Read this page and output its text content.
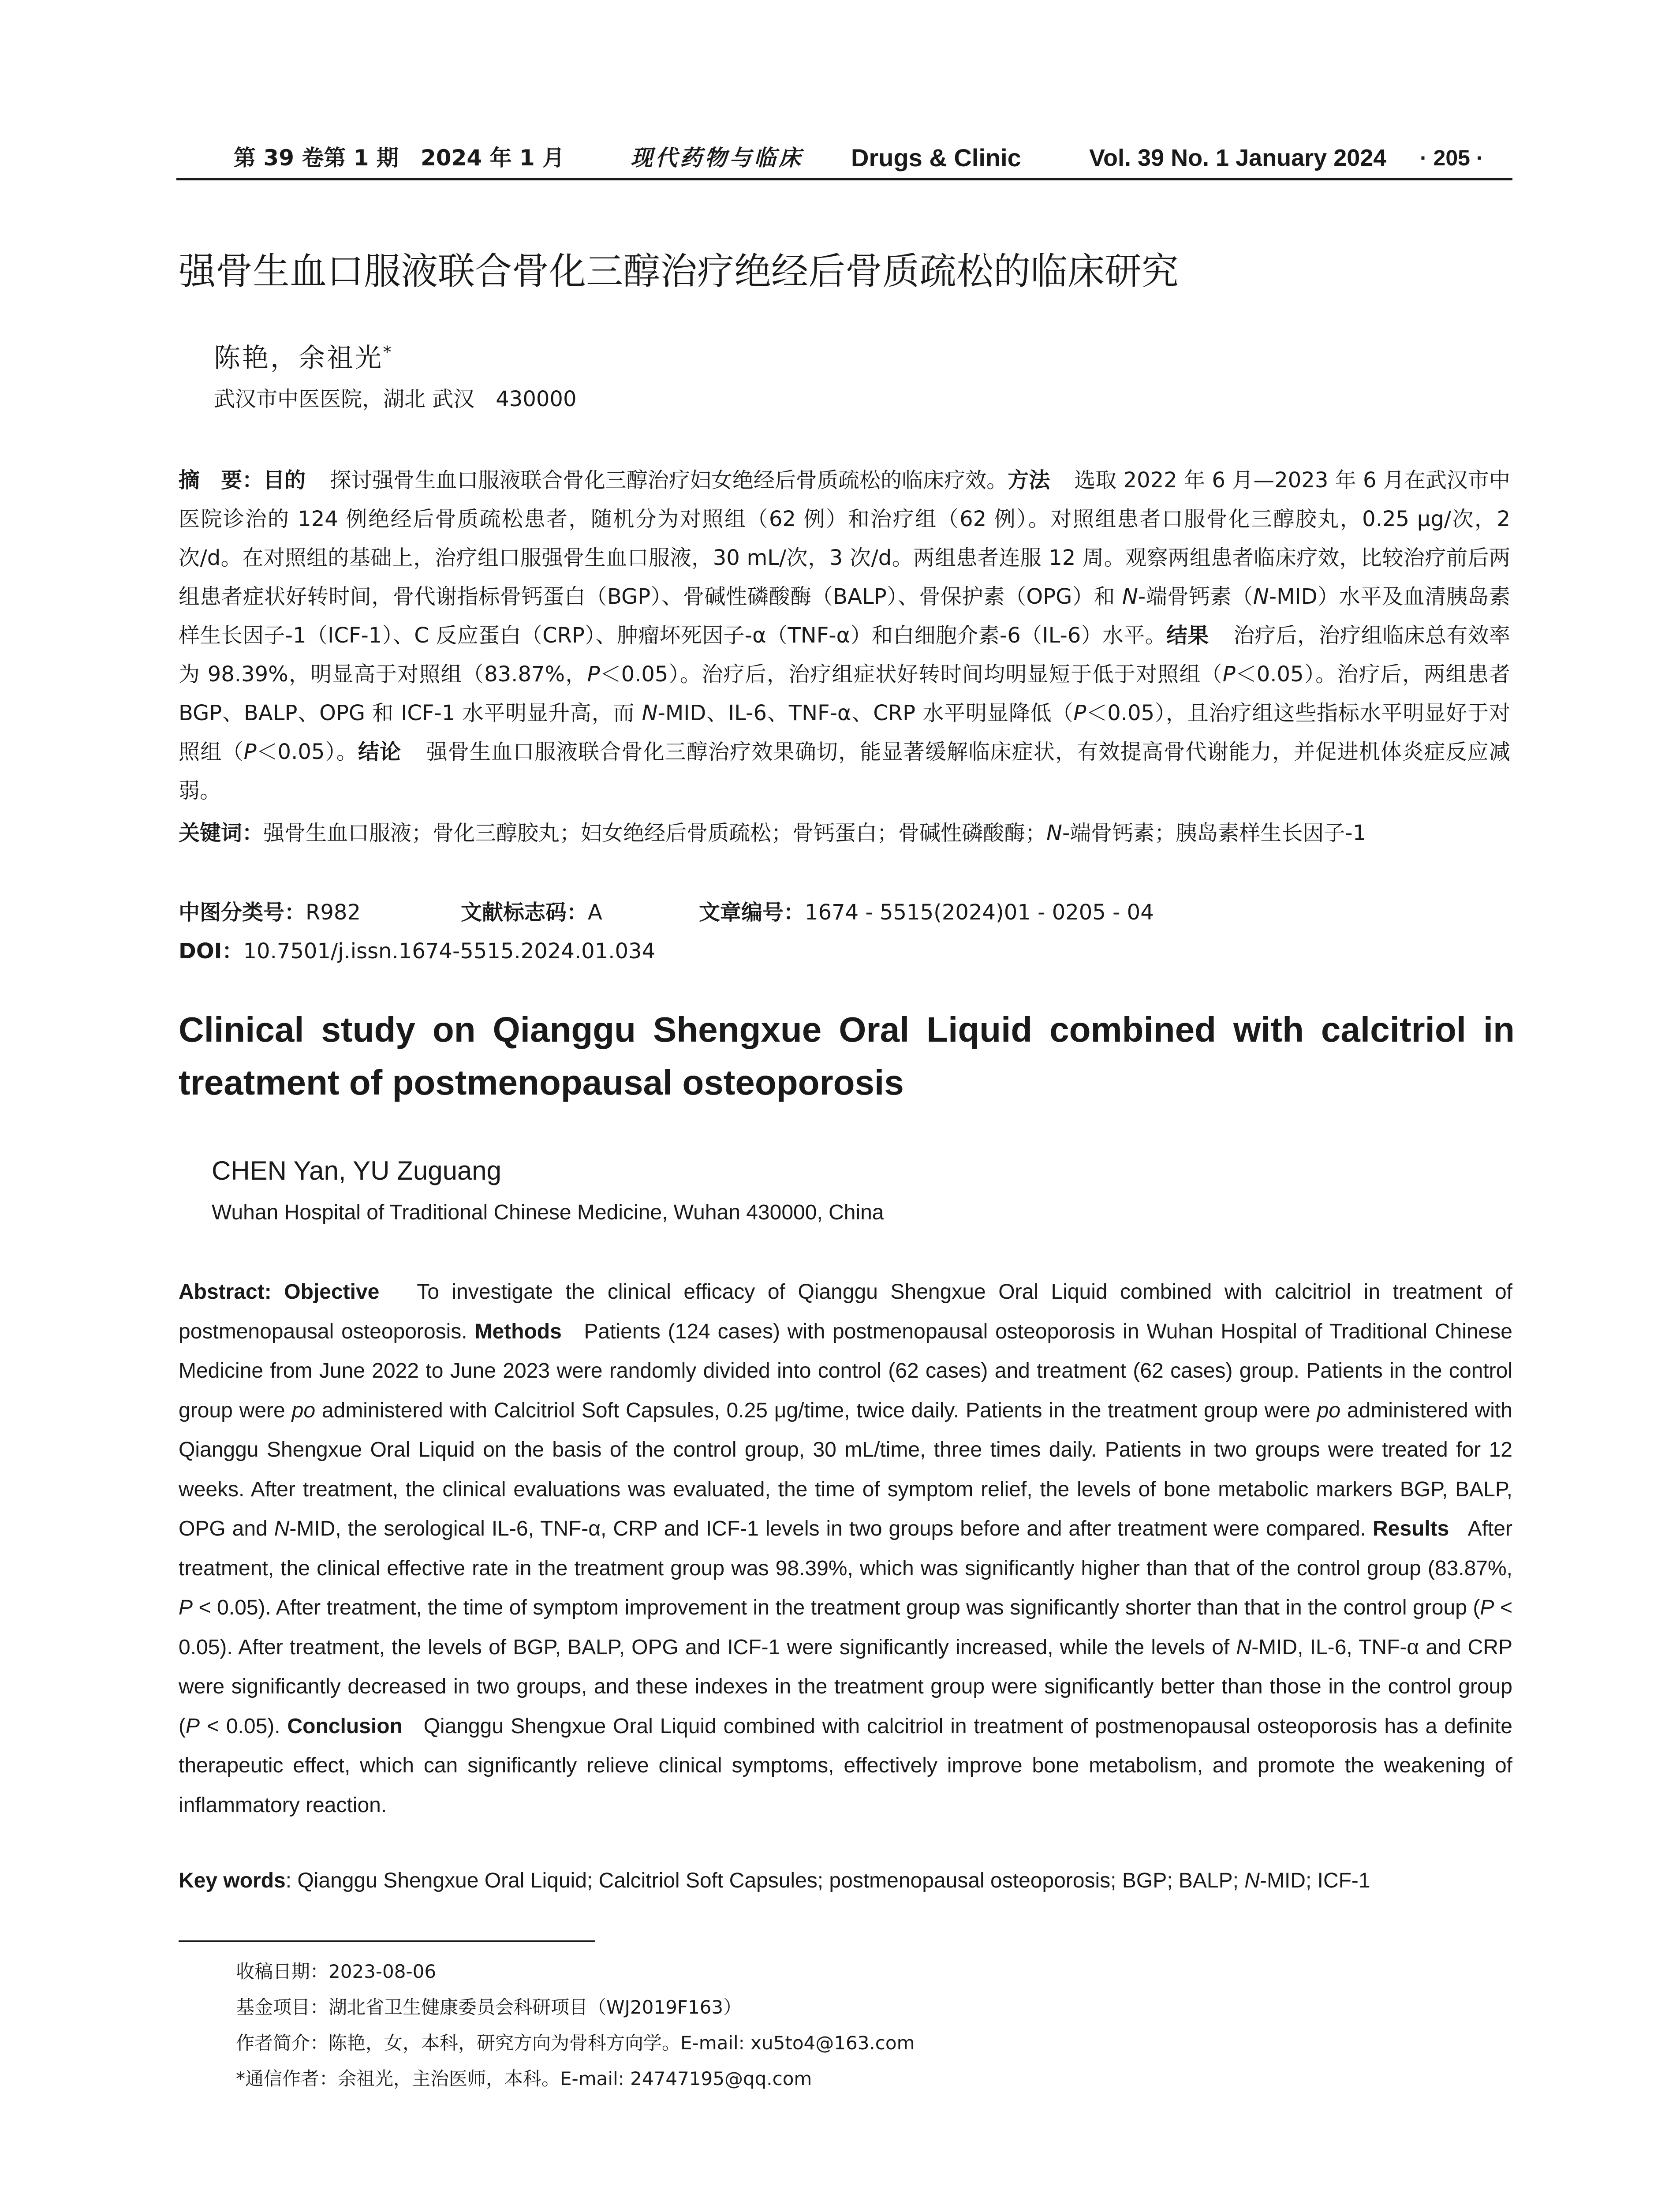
第 39 卷第 1 期　2024 年 1 月	现代药物与临床 Drugs & Clinic	Vol. 39 No. 1 January 2024 · 205 ·
强骨生血口服液联合骨化三醇治疗绝经后骨质疏松的临床研究
陈艳，余祖光*
武汉市中医医院，湖北 武汉　430000
摘　要：目的 探讨强骨生血口服液联合骨化三醇治疗妇女绝经后骨质疏松的临床疗效。方法 选取 2022 年 6 月—2023 年 6 月在武汉市中医院诊治的 124 例绝经后骨质疏松患者，随机分为对照组（62 例）和治疗组（62 例）。对照组患者口服骨化三醇胶丸，0.25 μg/次，2 次/d。在对照组的基础上，治疗组口服强骨生血口服液，30 mL/次，3 次/d。两组患者连服 12 周。观察两组患者临床疗效，比较治疗前后两组患者症状好转时间，骨代谢指标骨钙蛋白（BGP）、骨碱性磷酸酶（BALP）、骨保护素（OPG）和 N-端骨钙素（N-MID）水平及血清胰岛素样生长因子-1（ICF-1）、C 反应蛋白（CRP）、肿瘤坏死因子-α（TNF-α）和白细胞介素-6（IL-6）水平。结果 治疗后，治疗组临床总有效率为 98.39%，明显高于对照组（83.87%，P＜0.05）。治疗后，治疗组症状好转时间均明显短于低于对照组（P＜0.05）。治疗后，两组患者 BGP、BALP、OPG 和 ICF-1 水平明显升高，而 N-MID、IL-6、TNF-α、CRP 水平明显降低（P＜0.05），且治疗组这些指标水平明显好于对照组（P＜0.05）。结论 强骨生血口服液联合骨化三醇治疗效果确切，能显著缓解临床症状，有效提高骨代谢能力，并促进机体炎症反应减弱。
关键词：强骨生血口服液；骨化三醇胶丸；妇女绝经后骨质疏松；骨钙蛋白；骨碱性磷酸酶；N-端骨钙素；胰岛素样生长因子-1
中图分类号：R982	文献标志码：A	文章编号：1674 - 5515(2024)01 - 0205 - 04
DOI：10.7501/j.issn.1674-5515.2024.01.034
Clinical study on Qianggu Shengxue Oral Liquid combined with calcitriol in treatment of postmenopausal osteoporosis
CHEN Yan, YU Zuguang
Wuhan Hospital of Traditional Chinese Medicine, Wuhan 430000, China
Abstract: Objective To investigate the clinical efficacy of Qianggu Shengxue Oral Liquid combined with calcitriol in treatment of postmenopausal osteoporosis. Methods Patients (124 cases) with postmenopausal osteoporosis in Wuhan Hospital of Traditional Chinese Medicine from June 2022 to June 2023 were randomly divided into control (62 cases) and treatment (62 cases) group. Patients in the control group were po administered with Calcitriol Soft Capsules, 0.25 μg/time, twice daily. Patients in the treatment group were po administered with Qianggu Shengxue Oral Liquid on the basis of the control group, 30 mL/time, three times daily. Patients in two groups were treated for 12 weeks. After treatment, the clinical evaluations was evaluated, the time of symptom relief, the levels of bone metabolic markers BGP, BALP, OPG and N-MID, the serological IL-6, TNF-α, CRP and ICF-1 levels in two groups before and after treatment were compared. Results After treatment, the clinical effective rate in the treatment group was 98.39%, which was significantly higher than that of the control group (83.87%, P < 0.05). After treatment, the time of symptom improvement in the treatment group was significantly shorter than that in the control group (P < 0.05). After treatment, the levels of BGP, BALP, OPG and ICF-1 were significantly increased, while the levels of N-MID, IL-6, TNF-α and CRP were significantly decreased in two groups, and these indexes in the treatment group were significantly better than those in the control group (P < 0.05). Conclusion Qianggu Shengxue Oral Liquid combined with calcitriol in treatment of postmenopausal osteoporosis has a definite therapeutic effect, which can significantly relieve clinical symptoms, effectively improve bone metabolism, and promote the weakening of inflammatory reaction.
Key words: Qianggu Shengxue Oral Liquid; Calcitriol Soft Capsules; postmenopausal osteoporosis; BGP; BALP; N-MID; ICF-1
收稿日期：2023-08-06
基金项目：湖北省卫生健康委员会科研项目（WJ2019F163）
作者简介：陈艳，女，本科，研究方向为骨科方向学。E-mail: xu5to4@163.com
*通信作者：余祖光，主治医师，本科。E-mail: 24747195@qq.com
